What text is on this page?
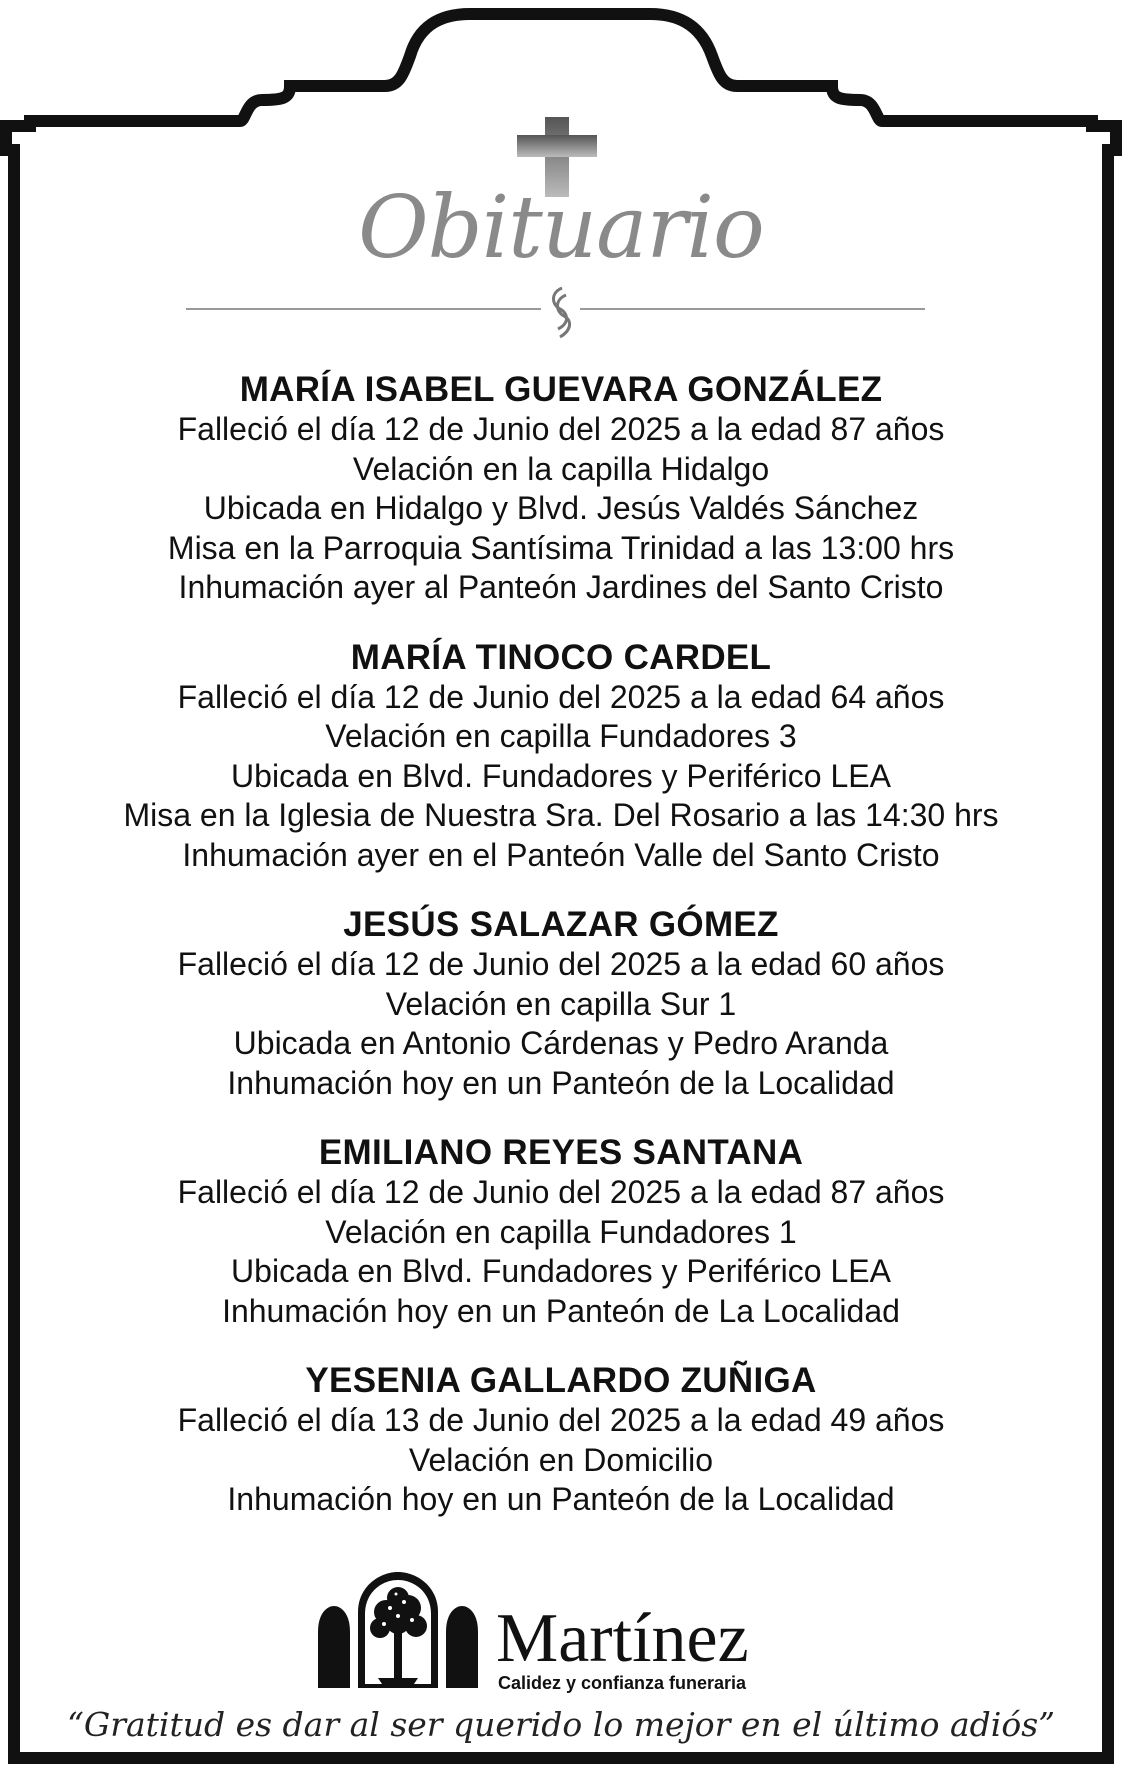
Obituario
MARÍA ISABEL GUEVARA GONZÁLEZ
Falleció el día 12 de Junio del 2025 a la edad 87 años
Velación en la capilla Hidalgo
Ubicada en Hidalgo y Blvd. Jesús Valdés Sánchez
Misa en la Parroquia Santísima Trinidad a las 13:00 hrs
Inhumación ayer al Panteón Jardines del Santo Cristo
MARÍA TINOCO CARDEL
Falleció el día 12 de Junio del 2025 a la edad 64 años
Velación en capilla Fundadores 3
Ubicada en Blvd. Fundadores y Periférico LEA
Misa en la Iglesia de Nuestra Sra. Del Rosario a las 14:30 hrs
Inhumación ayer en el Panteón Valle del Santo Cristo
JESÚS SALAZAR GÓMEZ
Falleció el día 12 de Junio del 2025 a la edad 60 años
Velación en capilla Sur 1
Ubicada en Antonio Cárdenas y Pedro Aranda
Inhumación hoy en un Panteón de la Localidad
EMILIANO REYES SANTANA
Falleció el día 12 de Junio del 2025 a la edad 87 años
Velación en capilla Fundadores 1
Ubicada en Blvd. Fundadores y Periférico LEA
Inhumación hoy en un Panteón de La Localidad
YESENIA GALLARDO ZUÑIGA
Falleció el día 13 de Junio del 2025 a la edad 49 años
Velación en Domicilio
Inhumación hoy en un Panteón de la Localidad
Martínez
Calidez y confianza funeraria
“Gratitud es dar al ser querido lo mejor en el último adiós”
